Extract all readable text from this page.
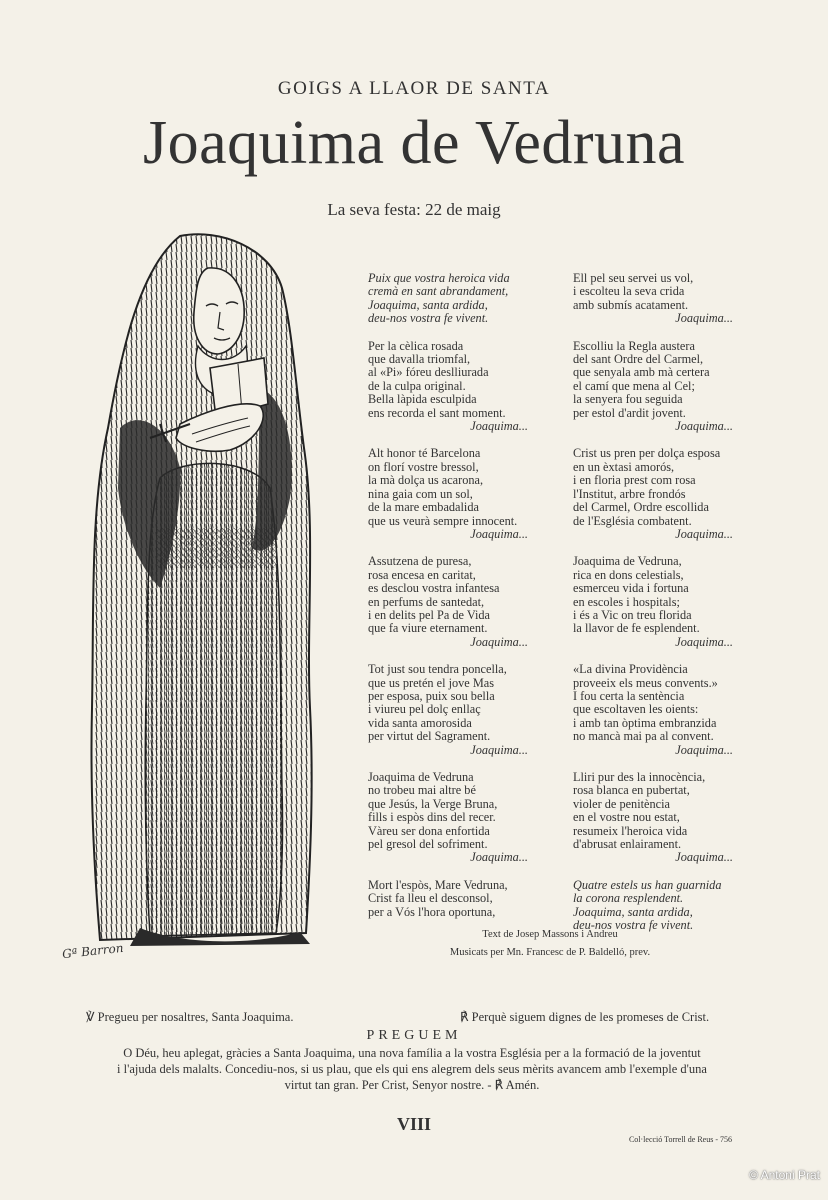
GOIGS A LLAOR DE SANTA
Joaquima de Vedruna
La seva festa: 22 de maig
Gª Barron
Puix que vostra heroica vida
cremà en sant abrandament,
Joaquima, santa ardida,
deu-nos vostra fe vivent.
Per la cèlica rosada
que davalla triomfal,
al «Pi» fóreu deslliurada
de la culpa original.
Bella làpida esculpida
ens recorda el sant moment.
Joaquima...
Alt honor té Barcelona
on florí vostre bressol,
la mà dolça us acarona,
nina gaia com un sol,
de la mare embadalida
que us veurà sempre innocent.
Joaquima...
Assutzena de puresa,
rosa encesa en caritat,
es desclou vostra infantesa
en perfums de santedat,
i en delits pel Pa de Vida
que fa viure eternament.
Joaquima...
Tot just sou tendra poncella,
que us pretén el jove Mas
per esposa, puix sou bella
i viureu pel dolç enllaç
vida santa amorosida
per virtut del Sagrament.
Joaquima...
Joaquima de Vedruna
no trobeu mai altre bé
que Jesús, la Verge Bruna,
fills i espòs dins del recer.
Vàreu ser dona enfortida
pel gresol del sofriment.
Joaquima...
Mort l'espòs, Mare Vedruna,
Crist fa lleu el desconsol,
per a Vós l'hora oportuna,
Ell pel seu servei us vol,
i escolteu la seva crida
amb submís acatament.
Joaquima...
Escolliu la Regla austera
del sant Ordre del Carmel,
que senyala amb mà certera
el camí que mena al Cel;
la senyera fou seguida
per estol d'ardit jovent.
Joaquima...
Crist us pren per dolça esposa
en un èxtasi amorós,
i en floria prest com rosa
l'Institut, arbre frondós
del Carmel, Ordre escollida
de l'Església combatent.
Joaquima...
Joaquima de Vedruna,
rica en dons celestials,
esmerceu vida i fortuna
en escoles i hospitals;
i és a Vic on treu florida
la llavor de fe esplendent.
Joaquima...
«La divina Providència
proveeix els meus convents.»
I fou certa la sentència
que escoltaven les oients:
i amb tan òptima embranzida
no mancà mai pa al convent.
Joaquima...
Lliri pur des la innocència,
rosa blanca en pubertat,
violer de penitència
en el vostre nou estat,
resumeix l'heroica vida
d'abrusat enlairament.
Joaquima...
Quatre estels us han guarnida
la corona resplendent.
Joaquima, santa ardida,
deu-nos vostra fe vivent.
Text de Josep Massons i Andreu
Musicats per Mn. Francesc de P. Baldelló, prev.
℣ Pregueu per nosaltres, Santa Joaquima.	℟ Perquè siguem dignes de les promeses de Crist.
PREGUEM
O Déu, heu aplegat, gràcies a Santa Joaquima, una nova família a la vostra Església per a la formació de la joventut
i l'ajuda dels malalts. Concediu-nos, si us plau, que els qui ens alegrem dels seus mèrits avancem amb l'exemple d'una
virtut tan gran. Per Crist, Senyor nostre. - ℟ Amén.
VIII
Col·lecció Torrell de Reus - 756
© Antoni Prat
